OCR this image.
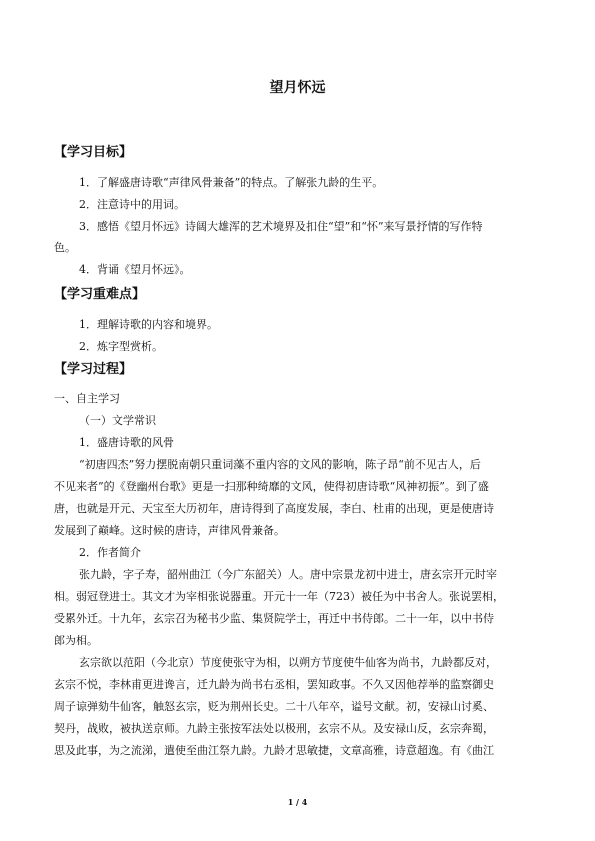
望月怀远
【学习目标】
1．了解盛唐诗歌“声律风骨兼备”的特点。了解张九龄的生平。
2．注意诗中的用词。
3．感悟《望月怀远》诗阔大雄浑的艺术境界及扣住“望”和“怀”来写景抒情的写作特
色。
4．背诵《望月怀远》。
【学习重难点】
1．理解诗歌的内容和境界。
2．炼字型赏析。
【学习过程】
一、自主学习
（一）文学常识
1．盛唐诗歌的风骨
“初唐四杰”努力摆脱南朝只重词藻不重内容的文风的影响，陈子昂“前不见古人，后
不见来者”的《登幽州台歌》更是一扫那种绮靡的文风，使得初唐诗歌“风神初振”。到了盛
唐，也就是开元、天宝至大历初年，唐诗得到了高度发展，李白、杜甫的出现，更是使唐诗
发展到了巅峰。这时候的唐诗，声律风骨兼备。
2．作者简介
张九龄，字子寿，韶州曲江（今广东韶关）人。唐中宗景龙初中进士，唐玄宗开元时宰
相。弱冠登进士。其文才为宰相张说器重。开元十一年（723）被任为中书舍人。张说罢相，
受累外迁。十九年，玄宗召为秘书少监、集贤院学士，再迁中书侍郎。二十一年，以中书侍
郎为相。
玄宗欲以范阳（今北京）节度使张守为相，以朔方节度使牛仙客为尚书，九龄都反对，
玄宗不悦，李林甫更进谗言，迁九龄为尚书右丞相，罢知政事。不久又因他荐举的监察御史
周子谅弹劾牛仙客，触怒玄宗，贬为荆州长史。二十八年卒，谥号文献。初，安禄山讨奚、
契丹，战败，被执送京师。九龄主张按军法处以极刑，玄宗不从。及安禄山反，玄宗奔蜀，
思及此事，为之流涕，遣使至曲江祭九龄。九龄才思敏捷，文章高雅，诗意超逸。有《曲江
1 / 4
